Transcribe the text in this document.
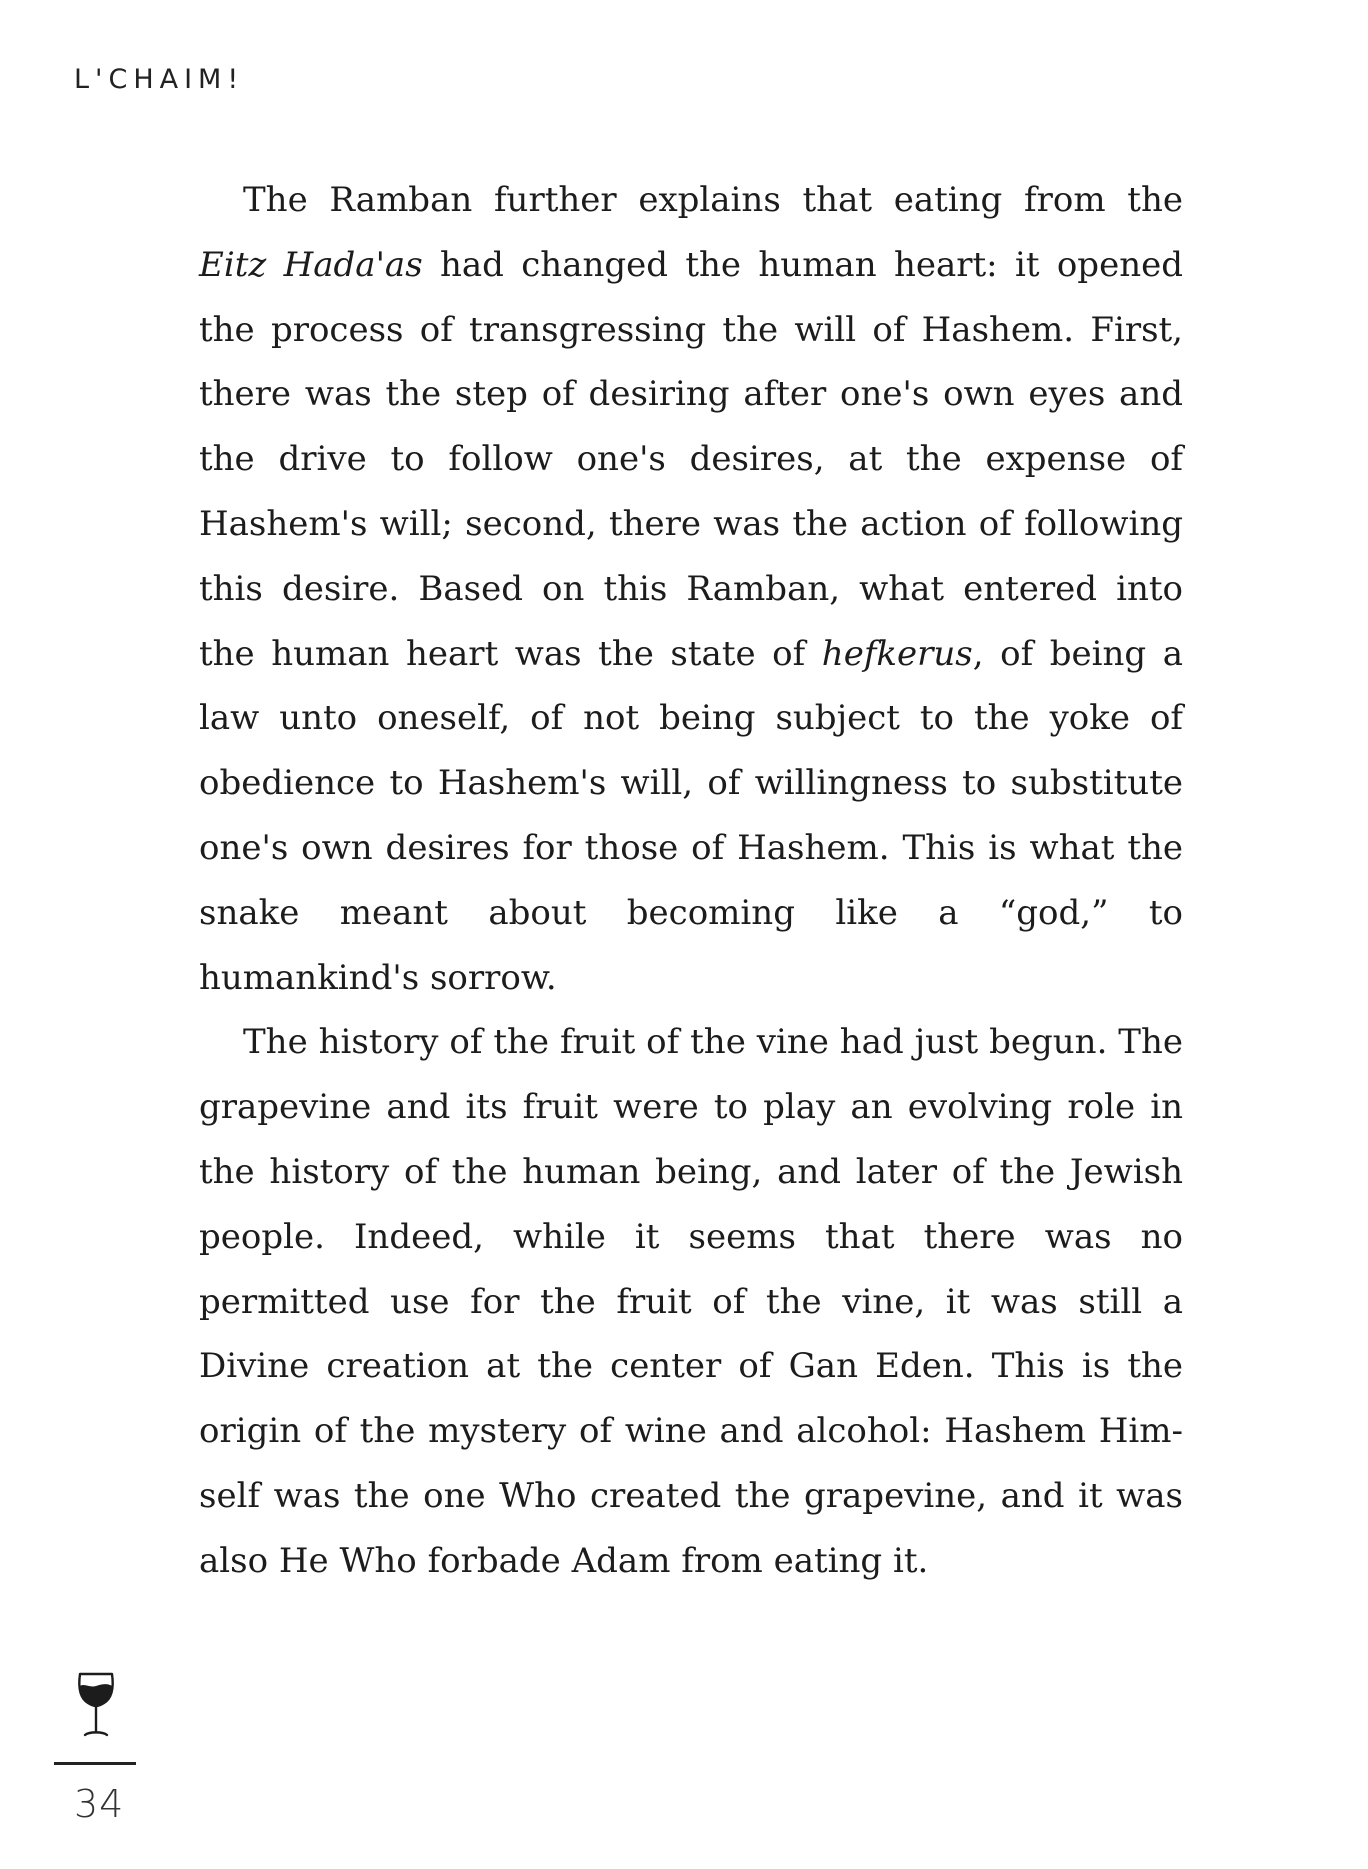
L'CHAIM!

The Ramban further explains that eating from the Eitz Hada'as had changed the human heart: it opened the process of transgressing the will of Hashem. First, there was the step of desiring after one's own eyes and the drive to follow one's desires, at the expense of Hashem's will; second, there was the action of following this desire. Based on this Ramban, what entered into the human heart was the state of hefkerus, of being a law unto oneself, of not being subject to the yoke of obedience to Hashem's will, of willingness to substitute one's own desires for those of Hashem. This is what the snake meant about becoming like a “god,” to humankind's sorrow.

The history of the fruit of the vine had just begun. The grapevine and its fruit were to play an evolving role in the history of the human being, and later of the Jewish people. Indeed, while it seems that there was no permitted use for the fruit of the vine, it was still a Divine creation at the center of Gan Eden. This is the origin of the mystery of wine and alcohol: Hashem Himself was the one Who created the grapevine, and it was also He Who forbade Adam from eating it.

34
